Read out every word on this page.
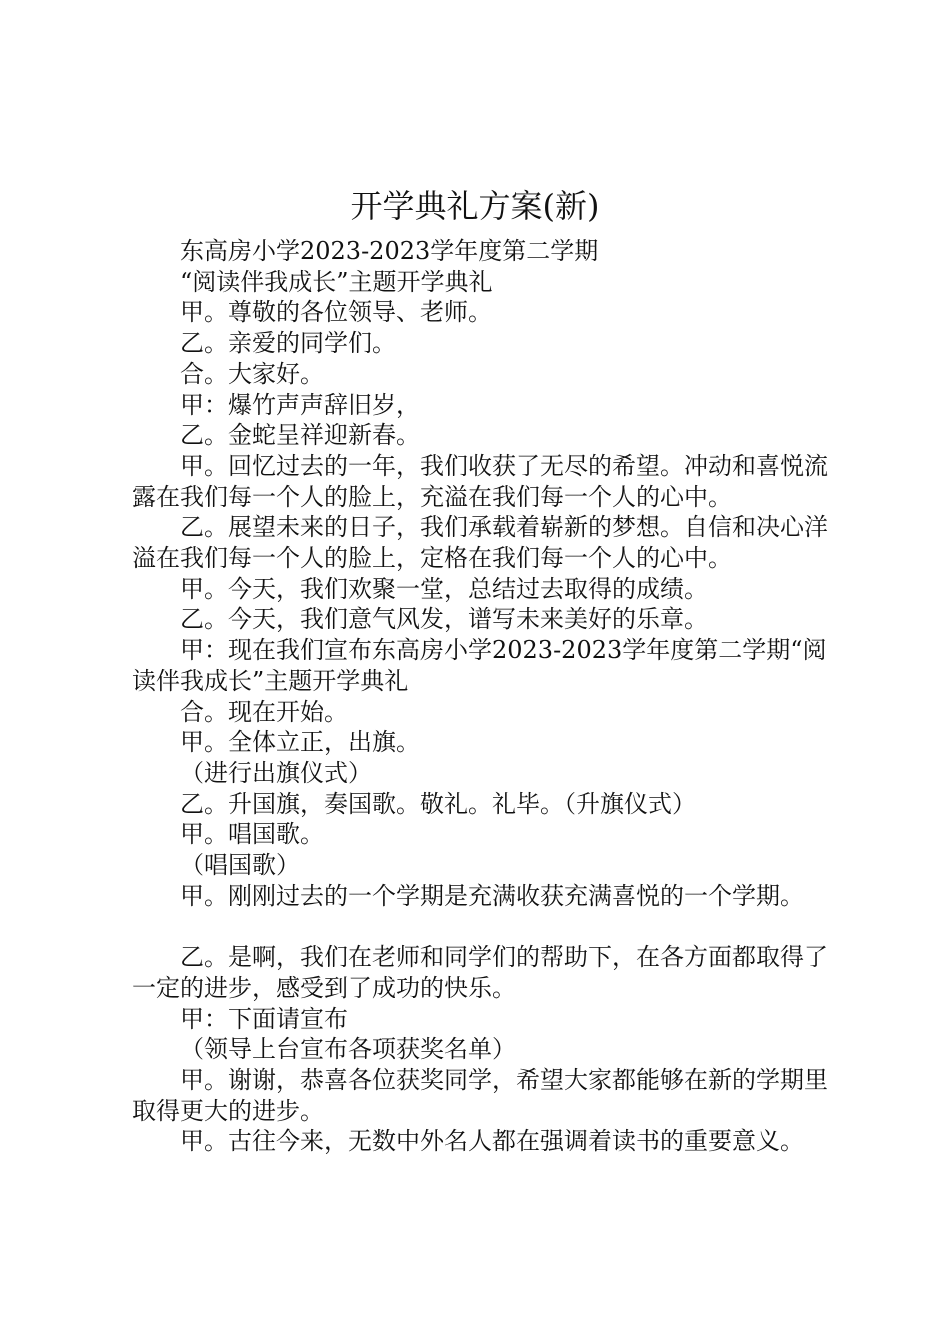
开学典礼方案(新)

东高房小学2023-2023学年度第二学期

“阅读伴我成长”主题开学典礼

甲。尊敬的各位领导、老师。

乙。亲爱的同学们。

合。大家好。

甲：爆竹声声辞旧岁，

乙。金蛇呈祥迎新春。

甲。回忆过去的一年，我们收获了无尽的希望。冲动和喜悦流露在我们每一个人的脸上，充溢在我们每一个人的心中。

乙。展望未来的日子，我们承载着崭新的梦想。自信和决心洋溢在我们每一个人的脸上，定格在我们每一个人的心中。

甲。今天，我们欢聚一堂，总结过去取得的成绩。

乙。今天，我们意气风发，谱写未来美好的乐章。

甲：现在我们宣布东高房小学2023-2023学年度第二学期“阅读伴我成长”主题开学典礼

合。现在开始。

甲。全体立正，出旗。

（进行出旗仪式）

乙。升国旗，奏国歌。敬礼。礼毕。（升旗仪式）

甲。唱国歌。

（唱国歌）

甲。刚刚过去的一个学期是充满收获充满喜悦的一个学期。

乙。是啊，我们在老师和同学们的帮助下，在各方面都取得了一定的进步，感受到了成功的快乐。

甲：下面请宣布

（领导上台宣布各项获奖名单）

甲。谢谢，恭喜各位获奖同学，希望大家都能够在新的学期里取得更大的进步。

甲。古往今来，无数中外名人都在强调着读书的重要意义。
